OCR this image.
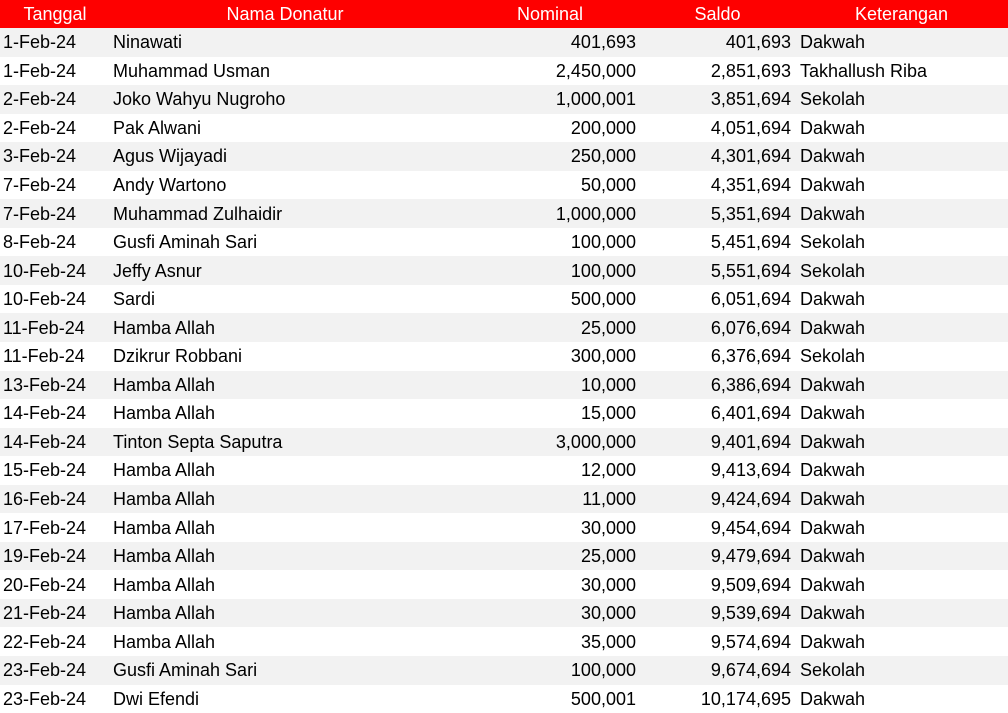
Tanggal	Nama Donatur	Nominal	Saldo	Keterangan
1-Feb-24	Ninawati	401,693	401,693	Dakwah
1-Feb-24	Muhammad Usman	2,450,000	2,851,693	Takhallush Riba
2-Feb-24	Joko Wahyu Nugroho	1,000,001	3,851,694	Sekolah
2-Feb-24	Pak Alwani	200,000	4,051,694	Dakwah
3-Feb-24	Agus Wijayadi	250,000	4,301,694	Dakwah
7-Feb-24	Andy Wartono	50,000	4,351,694	Dakwah
7-Feb-24	Muhammad Zulhaidir	1,000,000	5,351,694	Dakwah
8-Feb-24	Gusfi Aminah Sari	100,000	5,451,694	Sekolah
10-Feb-24	Jeffy Asnur	100,000	5,551,694	Sekolah
10-Feb-24	Sardi	500,000	6,051,694	Dakwah
11-Feb-24	Hamba Allah	25,000	6,076,694	Dakwah
11-Feb-24	Dzikrur Robbani	300,000	6,376,694	Sekolah
13-Feb-24	Hamba Allah	10,000	6,386,694	Dakwah
14-Feb-24	Hamba Allah	15,000	6,401,694	Dakwah
14-Feb-24	Tinton Septa Saputra	3,000,000	9,401,694	Dakwah
15-Feb-24	Hamba Allah	12,000	9,413,694	Dakwah
16-Feb-24	Hamba Allah	11,000	9,424,694	Dakwah
17-Feb-24	Hamba Allah	30,000	9,454,694	Dakwah
19-Feb-24	Hamba Allah	25,000	9,479,694	Dakwah
20-Feb-24	Hamba Allah	30,000	9,509,694	Dakwah
21-Feb-24	Hamba Allah	30,000	9,539,694	Dakwah
22-Feb-24	Hamba Allah	35,000	9,574,694	Dakwah
23-Feb-24	Gusfi Aminah Sari	100,000	9,674,694	Sekolah
23-Feb-24	Dwi Efendi	500,001	10,174,695	Dakwah
